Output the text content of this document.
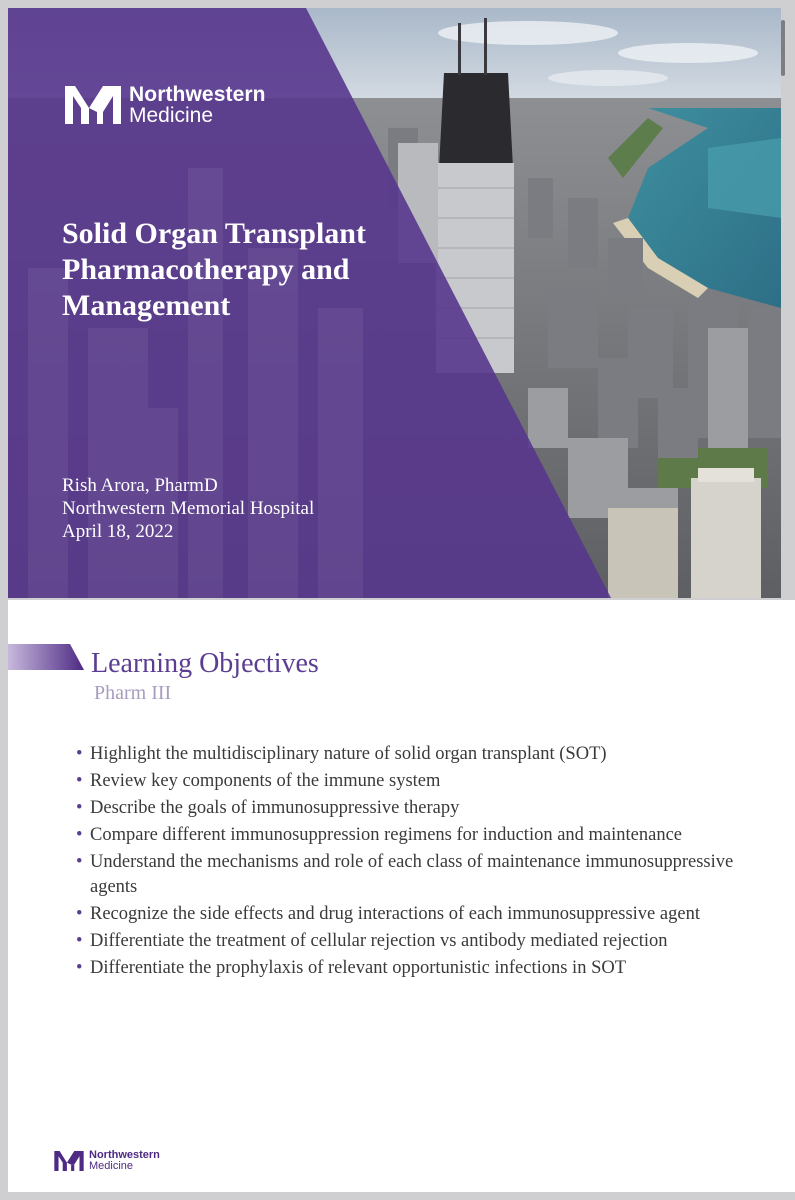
Northwestern
Medicine
Solid Organ Transplant Pharmacotherapy and Management
Rish Arora, PharmD
Northwestern Memorial Hospital
April 18, 2022
Learning Objectives
Pharm III
• Highlight the multidisciplinary nature of solid organ transplant (SOT)
• Review key components of the immune system
• Describe the goals of immunosuppressive therapy
• Compare different immunosuppression regimens for induction and maintenance
• Understand the mechanisms and role of each class of maintenance immunosuppressive agents
• Recognize the side effects and drug interactions of each immunosuppressive agent
• Differentiate the treatment of cellular rejection vs antibody mediated rejection
• Differentiate the prophylaxis of relevant opportunistic infections in SOT
Northwestern
Medicine
